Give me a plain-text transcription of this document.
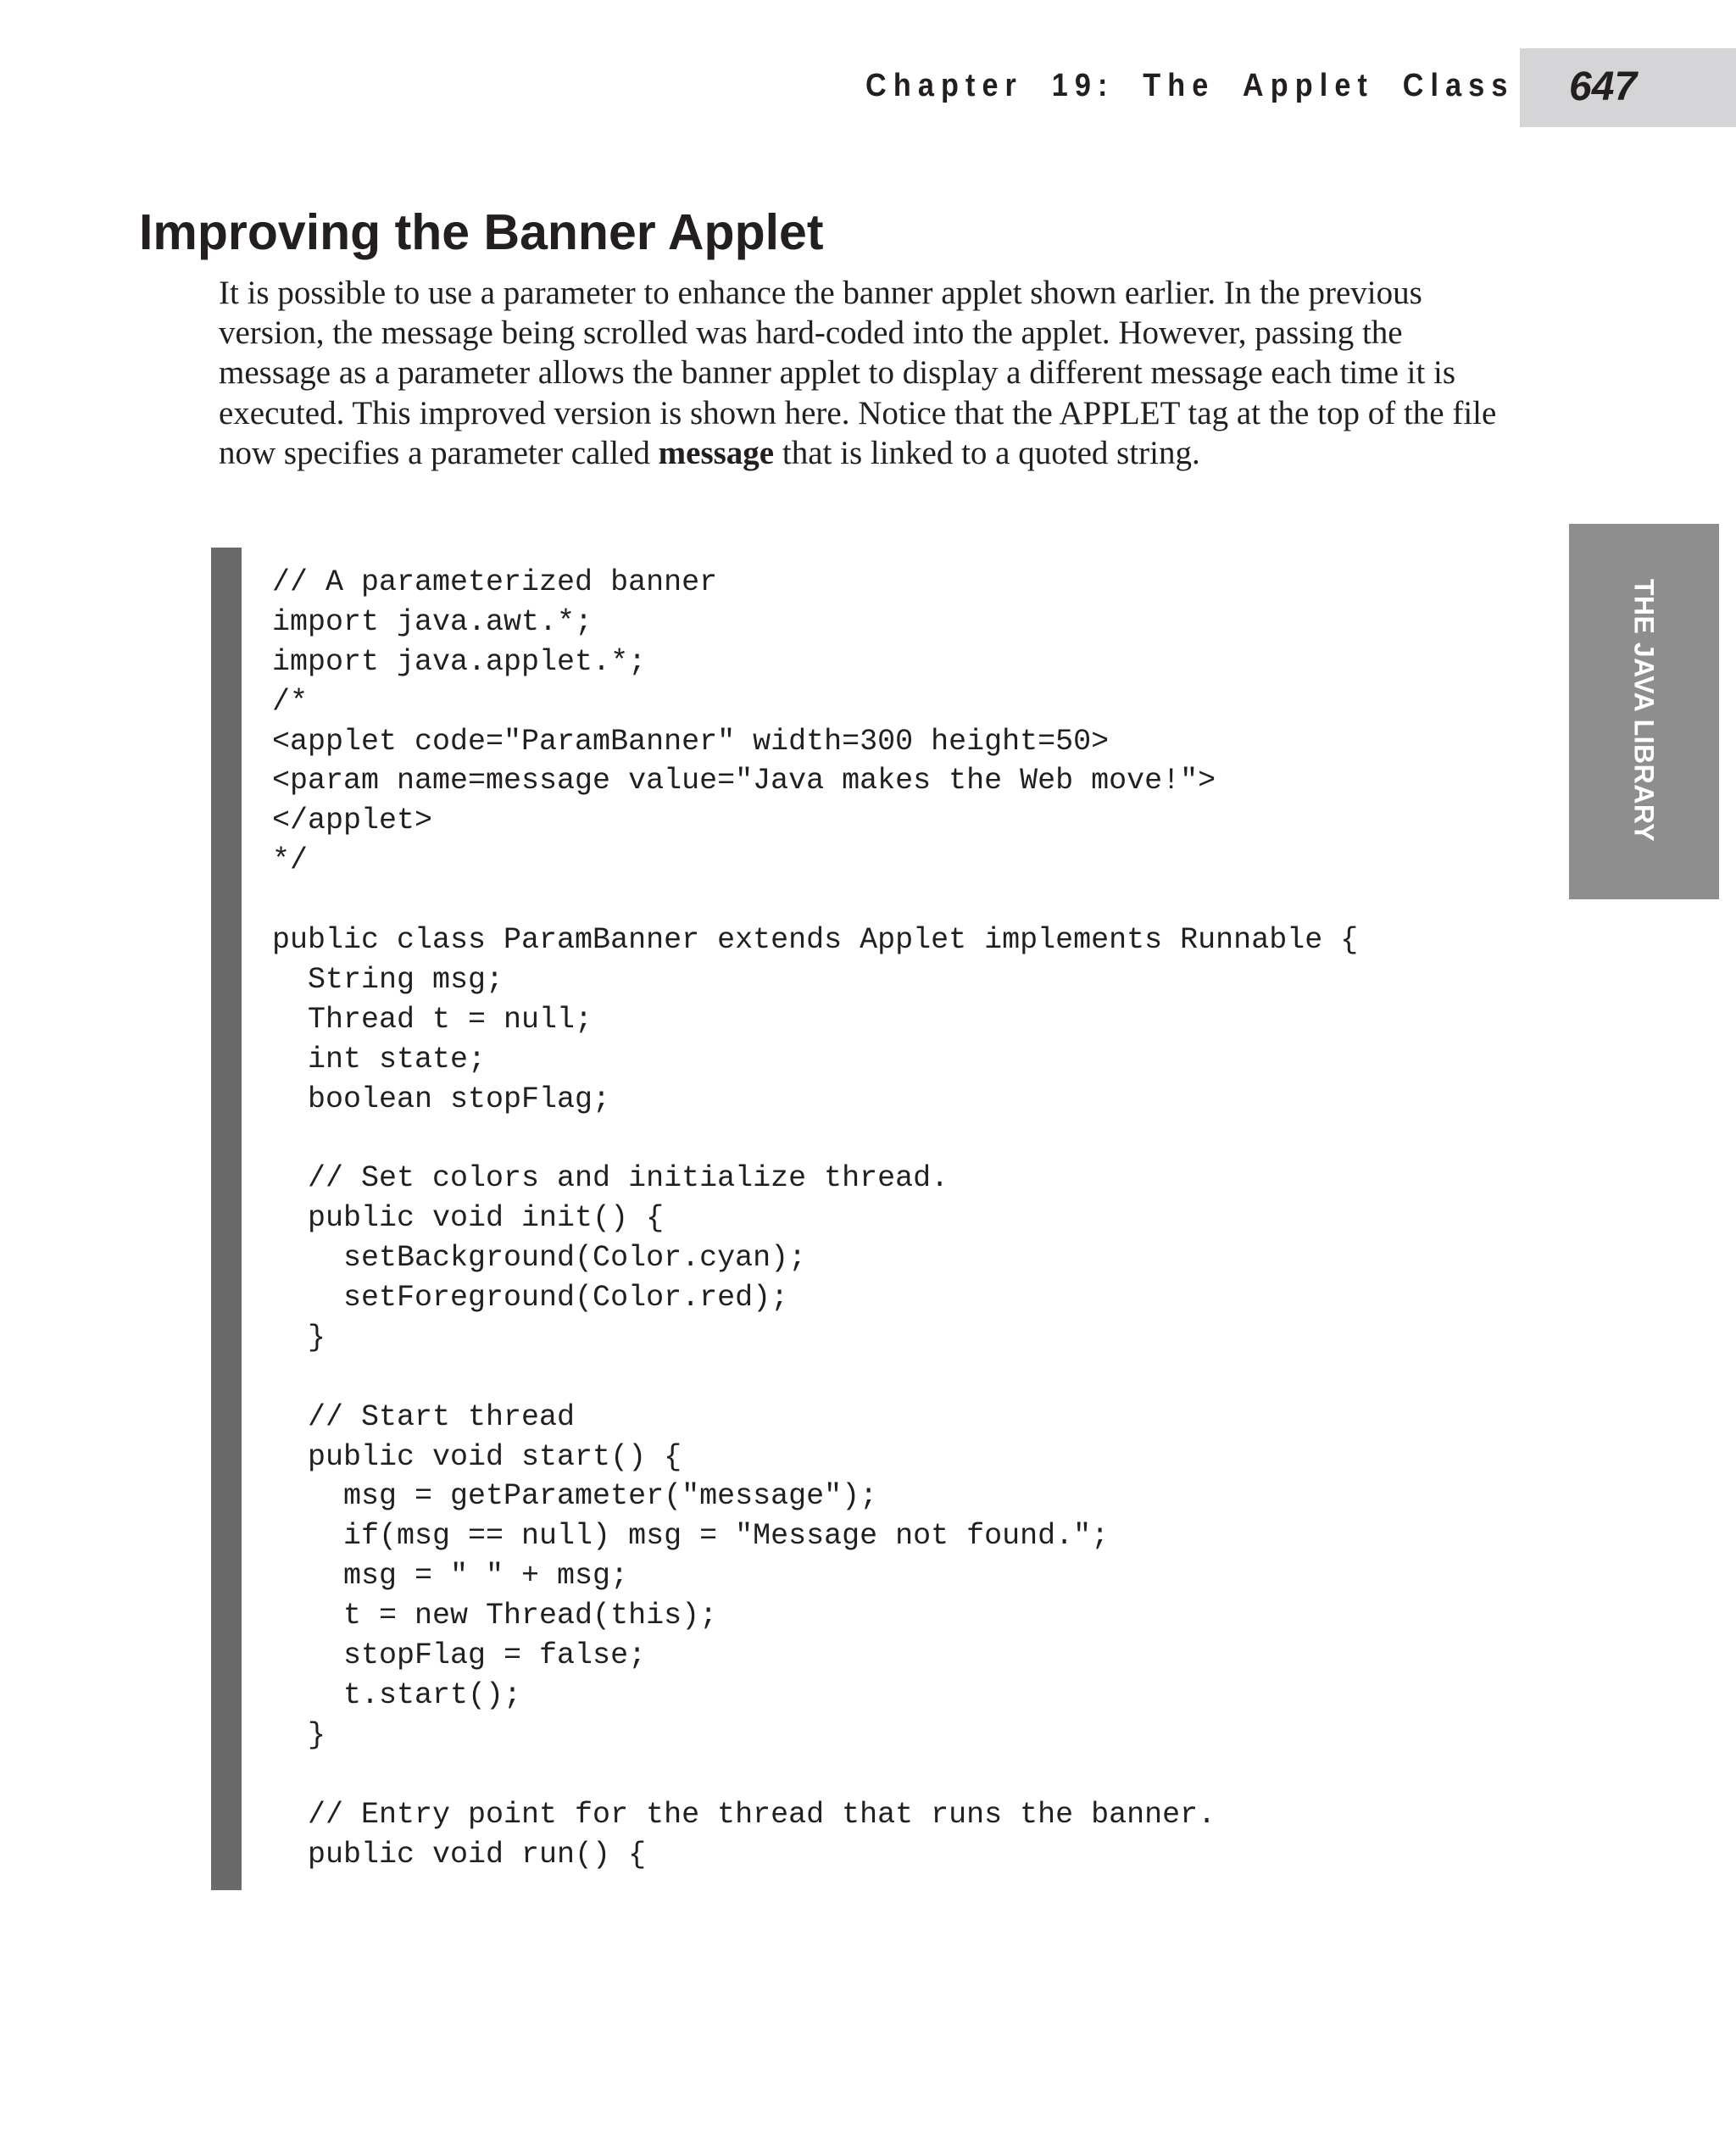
Chapter 19: The Applet Class 647
THE JAVA LIBRARY
Improving the Banner Applet

It is possible to use a parameter to enhance the banner applet shown earlier. In the previous version, the message being scrolled was hard-coded into the applet. However, passing the message as a parameter allows the banner applet to display a different message each time it is executed. This improved version is shown here. Notice that the APPLET tag at the top of the file now specifies a parameter called message that is linked to a quoted string.

// A parameterized banner
import java.awt.*;
import java.applet.*;
/*
<applet code="ParamBanner" width=300 height=50>
<param name=message value="Java makes the Web move!">
</applet>
*/
public class ParamBanner extends Applet implements Runnable {
String msg;
Thread t = null;
int state;
boolean stopFlag;
// Set colors and initialize thread.
public void init() {
setBackground(Color.cyan);
setForeground(Color.red);
}
// Start thread
public void start() {
msg = getParameter("message");
if(msg == null) msg = "Message not found.";
msg = " " + msg;
t = new Thread(this);
stopFlag = false;
t.start();
}
// Entry point for the thread that runs the banner.
public void run() {
